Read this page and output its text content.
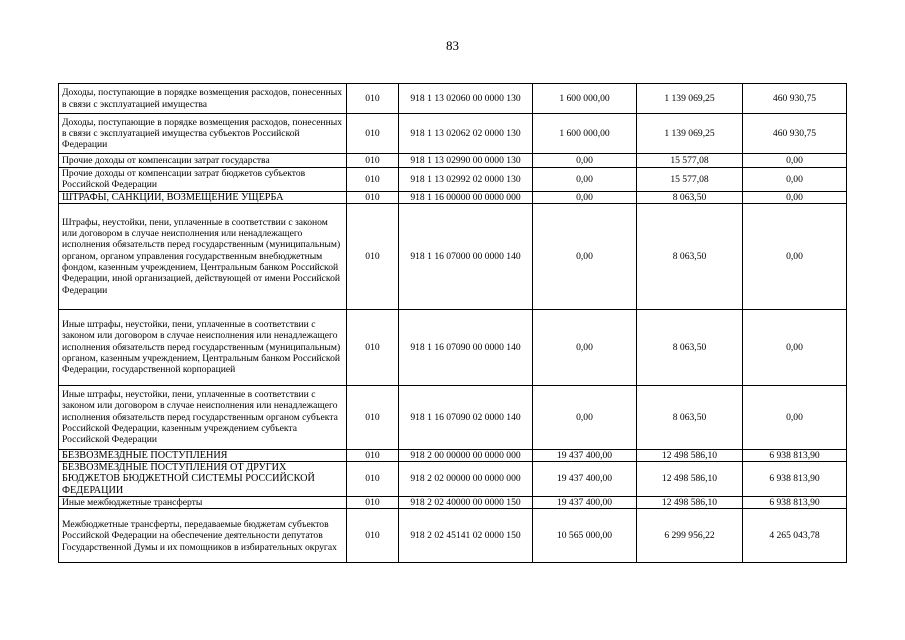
83
Доходы, поступающие в порядке возмещения расходов, понесенных в связи с эксплуатацией имущества	010	918 1 13 02060 00 0000 130	1 600 000,00	1 139 069,25	460 930,75
Доходы, поступающие в порядке возмещения расходов, понесенных в связи с эксплуатацией имущества субъектов Российской Федерации	010	918 1 13 02062 02 0000 130	1 600 000,00	1 139 069,25	460 930,75
Прочие доходы от компенсации затрат государства	010	918 1 13 02990 00 0000 130	0,00	15 577,08	0,00
Прочие доходы от компенсации затрат бюджетов субъектов Российской Федерации	010	918 1 13 02992 02 0000 130	0,00	15 577,08	0,00
ШТРАФЫ, САНКЦИИ, ВОЗМЕЩЕНИЕ УЩЕРБА	010	918 1 16 00000 00 0000 000	0,00	8 063,50	0,00
Штрафы, неустойки, пени, уплаченные в соответствии с законом или договором в случае неисполнения или ненадлежащего исполнения обязательств перед государственным (муниципальным) органом, органом управления государственным внебюджетным фондом, казенным учреждением, Центральным банком Российской Федерации, иной организацией, действующей от имени Российской Федерации	010	918 1 16 07000 00 0000 140	0,00	8 063,50	0,00
Иные штрафы, неустойки, пени, уплаченные в соответствии с законом или договором в случае неисполнения или ненадлежащего исполнения обязательств перед государственным (муниципальным) органом, казенным учреждением, Центральным банком Российской Федерации, государственной корпорацией	010	918 1 16 07090 00 0000 140	0,00	8 063,50	0,00
Иные штрафы, неустойки, пени, уплаченные в соответствии с законом или договором в случае неисполнения или ненадлежащего исполнения обязательств перед государственным органом субъекта Российской Федерации, казенным учреждением субъекта Российской Федерации	010	918 1 16 07090 02 0000 140	0,00	8 063,50	0,00
БЕЗВОЗМЕЗДНЫЕ ПОСТУПЛЕНИЯ	010	918 2 00 00000 00 0000 000	19 437 400,00	12 498 586,10	6 938 813,90
БЕЗВОЗМЕЗДНЫЕ ПОСТУПЛЕНИЯ ОТ ДРУГИХ БЮДЖЕТОВ БЮДЖЕТНОЙ СИСТЕМЫ РОССИЙСКОЙ ФЕДЕРАЦИИ	010	918 2 02 00000 00 0000 000	19 437 400,00	12 498 586,10	6 938 813,90
Иные межбюджетные трансферты	010	918 2 02 40000 00 0000 150	19 437 400,00	12 498 586,10	6 938 813,90
Межбюджетные трансферты, передаваемые бюджетам субъектов Российской Федерации на обеспечение деятельности депутатов Государственной Думы и их помощников в избирательных округах	010	918 2 02 45141 02 0000 150	10 565 000,00	6 299 956,22	4 265 043,78
